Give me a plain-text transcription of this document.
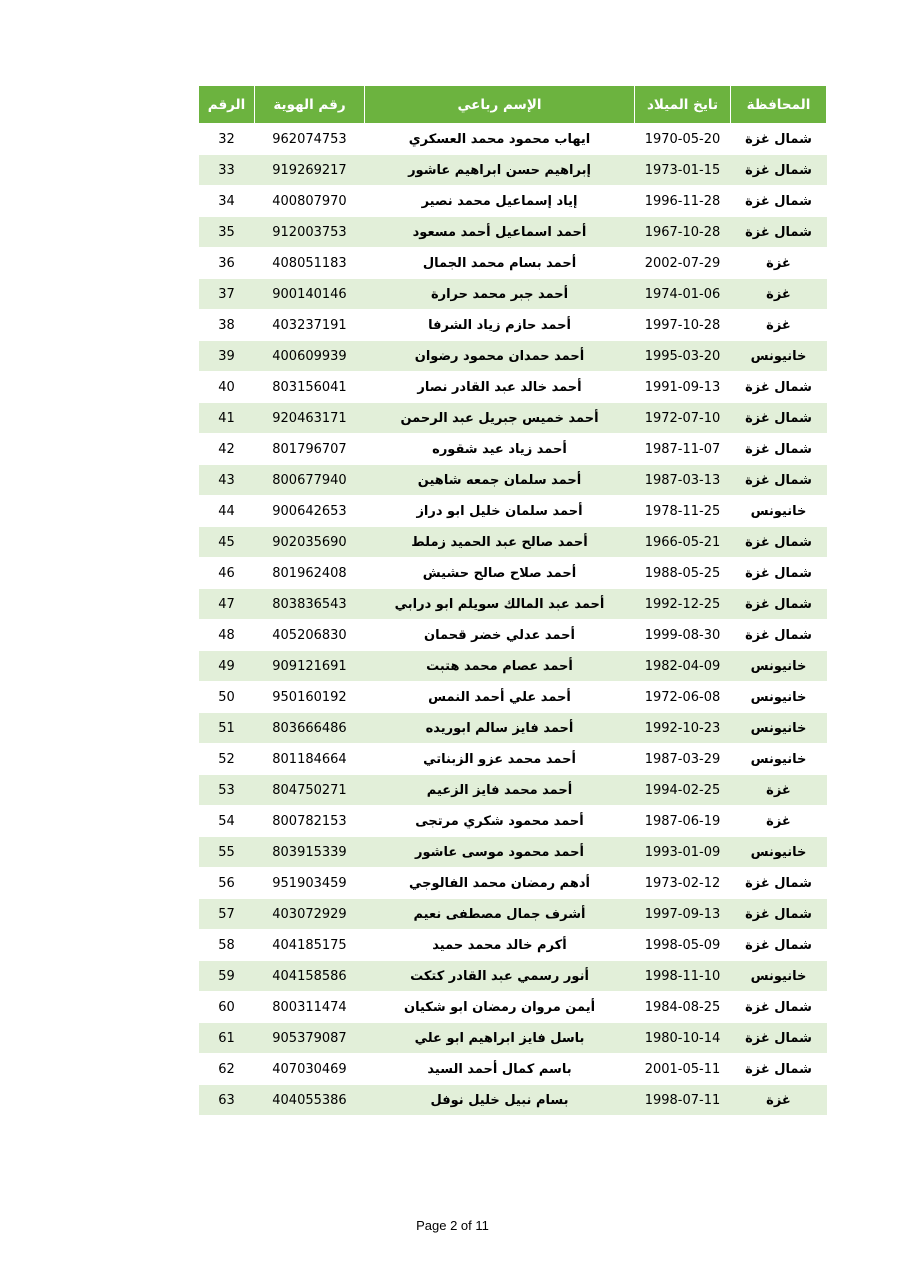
المحافظة	تايخ الميلاد	الإسم رباعي	رقم الهوية	الرقم
شمال غزة	1970-05-20	ايهاب محمود محمد العسكري	962074753	32
شمال غزة	1973-01-15	إبراهيم حسن ابراهيم عاشور	919269217	33
شمال غزة	1996-11-28	إياد إسماعيل محمد نصير	400807970	34
شمال غزة	1967-10-28	أحمد اسماعيل أحمد مسعود	912003753	35
غزة	2002-07-29	أحمد بسام محمد الجمال	408051183	36
غزة	1974-01-06	أحمد جبر محمد حرارة	900140146	37
غزة	1997-10-28	أحمد حازم زياد الشرفا	403237191	38
خانيونس	1995-03-20	أحمد حمدان محمود رضوان	400609939	39
شمال غزة	1991-09-13	أحمد خالد عبد القادر نصار	803156041	40
شمال غزة	1972-07-10	أحمد خميس جبريل عبد الرحمن	920463171	41
شمال غزة	1987-11-07	أحمد زياد عيد شقوره	801796707	42
شمال غزة	1987-03-13	أحمد سلمان جمعه شاهين	800677940	43
خانيونس	1978-11-25	أحمد سلمان خليل ابو دراز	900642653	44
شمال غزة	1966-05-21	أحمد صالح عبد الحميد زملط	902035690	45
شمال غزة	1988-05-25	أحمد صلاح صالح حشيش	801962408	46
شمال غزة	1992-12-25	أحمد عبد المالك سويلم ابو درابي	803836543	47
شمال غزة	1999-08-30	أحمد عدلي خضر قحمان	405206830	48
خانيونس	1982-04-09	أحمد عصام محمد هتبت	909121691	49
خانيونس	1972-06-08	أحمد علي أحمد النمس	950160192	50
خانيونس	1992-10-23	أحمد فايز سالم ابوريده	803666486	51
خانيونس	1987-03-29	أحمد محمد عزو الزبناتي	801184664	52
غزة	1994-02-25	أحمد محمد فايز الزعيم	804750271	53
غزة	1987-06-19	أحمد محمود شكري مرتجى	800782153	54
خانيونس	1993-01-09	أحمد محمود موسى عاشور	803915339	55
شمال غزة	1973-02-12	أدهم رمضان محمد الفالوجي	951903459	56
شمال غزة	1997-09-13	أشرف جمال مصطفى نعيم	403072929	57
شمال غزة	1998-05-09	أكرم خالد محمد حميد	404185175	58
خانيونس	1998-11-10	أنور رسمي عبد القادر كتكت	404158586	59
شمال غزة	1984-08-25	أيمن مروان رمضان ابو شكيان	800311474	60
شمال غزة	1980-10-14	باسل فايز ابراهيم ابو علي	905379087	61
شمال غزة	2001-05-11	باسم كمال أحمد السيد	407030469	62
غزة	1998-07-11	بسام نبيل خليل نوفل	404055386	63
Page 2 of 11
